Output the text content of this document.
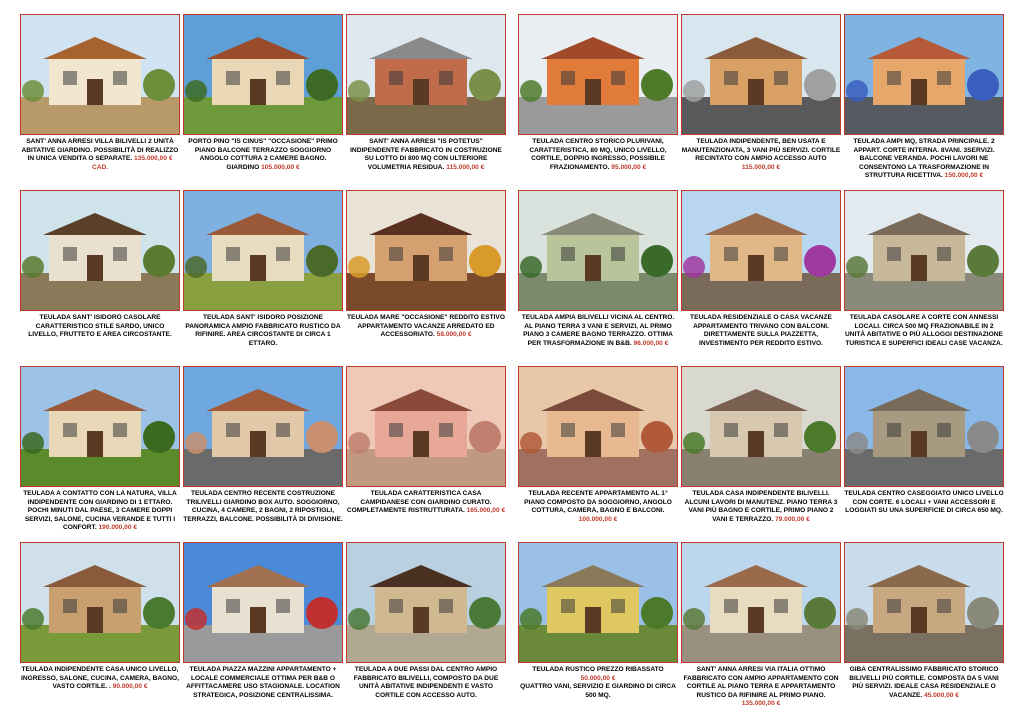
SANT' ANNA ARRESI VILLA BILIVELLI 2 UNITÀ ABITATIVE GIARDINO. POSSIBILITÀ DI REALIZZO IN UNICA VENDITA O SEPARATE. 135.000,00 € CAD.
PORTO PINO "IS CINUS" "OCCASIONE" PRIMO PIANO BALCONE TERRAZZO SOGGIORNO ANGOLO COTTURA 2 CAMERE BAGNO. GIARDINO 105.000,00 €
SANT' ANNA ARRESI "IS POTETUS" INDIPENDENTE FABBRICATO IN COSTRUZIONE SU LOTTO DI 800 MQ CON ULTERIORE VOLUMETRIA RESIDUA. 115.000,00 €
TEULADA SANT' ISIDORO CASOLARE CARATTERISTICO STILE SARDO, UNICO LIVELLO, FRUTTETO E AREA CIRCOSTANTE.
TEULADA SANT' ISIDORO POSIZIONE PANORAMICA AMPIO FABBRICATO RUSTICO DA RIFINIRE. AREA CIRCOSTANTE DI CIRCA 1 ETTARO.
TEULADA MARE "OCCASIONE" REDDITO ESTIVO APPARTAMENTO VACANZE ARREDATO ED ACCESSORIATO. 58.000,00 €
TEULADA A CONTATTO CON LA NATURA, VILLA INDIPENDENTE CON GIARDINO DI 1 ETTARO. POCHI MINUTI DAL PAESE, 3 CAMERE DOPPI SERVIZI, SALONE, CUCINA VERANDE E TUTTI I CONFORT. 190.000,00 €
TEULADA CENTRO RECENTE COSTRUZIONE TRILIVELLI GIARDINO BOX AUTO. SOGGIORNO, CUCINA, 4 CAMERE, 2 BAGNI, 2 RIPOSTIGLI, TERRAZZI, BALCONE. POSSIBILITÀ DI DIVISIONE.
TEULADA CARATTERISTICA CASA CAMPIDANESE CON GIARDINO CURATO. COMPLETAMENTE RISTRUTTURATA. 165.000,00 €
TEULADA INDIPENDENTE CASA UNICO LIVELLO, INGRESSO, SALONE, CUCINA, CAMERA, BAGNO, VASTO CORTILE. . 90.000,00 €
TEULADA PIAZZA MAZZINI APPARTAMENTO + LOCALE COMMERCIALE OTTIMA PER B&B O AFFITTACAMERE USO STAGIONALE. LOCATION STRATEGICA, POSIZIONE CENTRALISSIMA.
TEULADA A DUE PASSI DAL CENTRO AMPIO FABBRICATO BILIVELLI, COMPOSTO DA DUE UNITÀ ABITATIVE INDIPENDENTI E VASTO CORTILE CON ACCESSO AUTO.
TEULADA CENTRO STORICO PLURIVANI, CARATTERISTICA, 80 MQ, UNICO LIVELLO, CORTILE, DOPPIO INGRESSO, POSSIBILE FRAZIONAMENTO. 95.000,00 €
TEULADA INDIPENDENTE, BEN USATA E MANUTENZIONATA, 3 VANI PIÙ SERVIZI. CORTILE RECINTATO CON AMPIO ACCESSO AUTO 115.000,00 €
TEULADA AMPI MQ, STRADA PRINCIPALE. 2 APPART. CORTE INTERNA. 8VANI. 3SERVIZI. BALCONE VERANDA. POCHI LAVORI NE CONSENTONO LA TRASFORMAZIONE IN STRUTTURA RICETTIVA. 150.000,00 €
TEULADA AMPIA BILIVELLI VICINA AL CENTRO. AL PIANO TERRA 3 VANI E SERVIZI, AL PRIMO PIANO 3 CAMERE BAGNO TERRAZZO. OTTIMA PER TRASFORMAZIONE IN B&B. 96.000,00 €
TEULADA RESIDENZIALE O CASA VACANZE APPARTAMENTO TRIVANO CON BALCONI. DIRETTAMENTE SULLA PIAZZETTA, INVESTIMENTO PER REDDITO ESTIVO.
TEULADA CASOLARE A CORTE CON ANNESSI LOCALI. CIRCA 500 MQ FRAZIONABILE IN 2 UNITÀ ABITATIVE O PIÙ ALLOGGI DESTINAZIONE TURISTICA E SUPERFICI IDEALI CASE VACANZA.
TEULADA RECENTE APPARTAMENTO AL 1° PIANO COMPOSTO DA SOGGIORNO, ANGOLO COTTURA, CAMERA, BAGNO E BALCONI. 100.000,00 €
TEULADA CASA INDIPENDENTE BILIVELLI. ALCUNI LAVORI DI MANUTENZ. PIANO TERRA 3 VANI PIÙ BAGNO E CORTILE, PRIMO PIANO 2 VANI E TERRAZZO. 79.000,00 €
TEULADA CENTRO CASEGGIATO UNICO LIVELLO CON CORTE. 6 LOCALI + VANI ACCESSORI E LOGGIATI SU UNA SUPERFICIE DI CIRCA 650 MQ.
TEULADA RUSTICO PREZZO RIBASSATO
50.000,00 €
QUATTRO VANI, SERVIZIO E GIARDINO DI CIRCA 500 MQ.
SANT' ANNA ARRESI VIA ITALIA OTTIMO FABBRICATO CON AMPIO APPARTAMENTO CON CORTILE AL PIANO TERRA E APPARTAMENTO RUSTICO DA RIFINIRE AL PRIMO PIANO. 135.000,00 €
GIBA CENTRALISSIMO FABBRICATO STORICO BILIVELLI PIÙ CORTILE. COMPOSTA DA 5 VANI PIÙ SERVIZI. IDEALE CASA RESIDENZIALE O VACANZE. 45.000,00 €
